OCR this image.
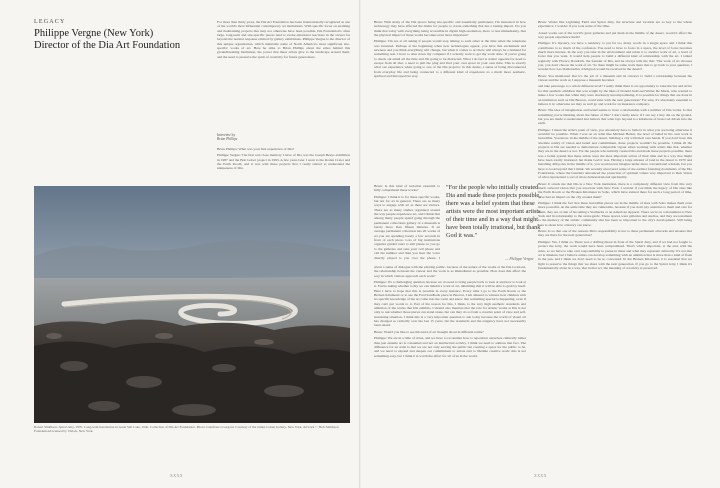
LEGACY
Philippe Vergne (New York)
Director of the Dia Art Foundation

For more than thirty years, the Dia Art Foundation has been internationally recognized as one of the world's most influential contemporary art institutions. With specific focus on enabling and maintaining projects that may not otherwise have been possible, Dia Foundation's often large, long-term and site-specific pieces tend to evoke emotional reactions in the viewer far beyond the normal response elicited by gallery exhibitions. Philippe Vergne is the director of this unique organization, which maintains some of North America's most significant site-specific works of art. Here he talks to Brian Phillips about the ethos behind this groundbreaking institution, the power that these artists give to the landscape around them, and the need to preserve the spirit of creativity for future generations.

Interview by
Brian Phillips

Brian Phillips: What was your first experience of Dia?

Philippe Vergne: The first real close memory I have of Dia was the Joseph Beuys exhibition in 1987 and the Bob Gober project in 1993. A few years later I went to the Roden Crater and the Earth Room, and it was with these projects that I really started to understand the uniqueness of Dia.

Robert Smithson, Spiral Jetty, 1970. Long-term installation in Great Salt Lake, Utah. Collection of Dia Art Foundation. Photo: Gianfranco Gorgoni. Courtesy of the James Cohan Gallery, New York. Artwork © Holt-Smithson Foundation/Licensed by VAGA, New York.
XXXX

Brian: With many of the Dia pieces being site-specific and essentially permanent, I'm interested in how technology may have affected the desire for people to create something that has a lasting impact. Do you think that today with everything being accessible in digital high-resolution, more or less immediately, that the physical impact of these works becomes even more important?

Philippe: I'm not at all asking if people would stop talking to each other at the time when the telephone was invented. Perhaps at the beginning when new technologies appear, you have this excitement and newness and you think everything will change, but when it comes to art there will always be a demand for something real. I have to shut down my computer if I actually want to get my work done. If you're going to check out email all the time and I'm going to be distracted. What I do feel is artists' appetite for need to escape from all that, a need to pull the plug and find your own space in your own time. This is exactly what our experience when going to one of the Dia projects: in this desire, a sense of being disconnected from everyday life and being connected to a different kind of experience as a much more aesthetic, spiritual and introspective way.

Brian: Is this kind of isolation essential to fully comprehend these works?

Philippe: I think it is for these specific works, but not for art in general. There are as many ways to engage with art as there are visitors. There are as many studies organized around the way people experience art, and I think that among many people spend going through the permanent collections gallery of a museum is barely more than fifteen minutes. If an average permanent collection has 20 works of art you are spending barely a few seconds in front of each piece. Lots of big institutions organize guided tours to still please so you go to the galleries and take your cell phone and call the number and then you hear the voice directly played to you over the phone. I

"For the people who initially created Dia and made these projects possible, there was a belief system that these artists were the most important artists of their time and in a way that might have been totally irrational, but thank God it was."
— Philippe Vergne

about a sense of dialogue with the existing public, because of the nature of the works at the Dia locations, the relationship between the viewer and the work is as immediated as possible. How does this affect the way in which visitors approach each work?

Philippe: It's a challenging question because we do need to bring people back to look at and how to look at it. You're asking whether today we can inhabit a work of art, inhabiting that it will be able to grab by itself. Here I have to hope that this is possible in every instance. Every time I go to the Earth Room or the Broken Kilometer or to see the Fred Sandback piece in Beacon, I am amazed to witness how children with no specific knowledge of the art came into the room and know that something special is happening, even if they can't put words to it. Part of the reason for this, I think, is the very high aesthetic standards and ambition of the works that Dia exhibits. I should also mention that the role for artistic works at Dia is not only to ask whether those pieces can stand alone, but can they do so from a creative point of view and self-sustaining situation. I think this is a very important question to ask today because the world of visual art has changed so radically over the last 15 years, but the standards and the exigency have not necessarily been raised.

Brian: Would you like to see this kind of art thought about in different terms?

Philippe: We are in a time of crisis, and we have to reconsider how to reposition ourselves culturally rather than just assume art is consumed and not an intellectual activity. I think we need to address that fact. The difference for an artist is that we are not only serving the public but creating a space for the public to be, and we need to expand and deepen our commitment to artists and to lifetime creative work: this is not something easy, but I think it is worth the effort for all of us in the world.

Brian: Works like Lightning Field and Spiral Jetty, the structure and location are so key to the whole experience. I wonder if you took some of the time-

-based works out of the world's great galleries and put them in the middle of the desert, would it affect the way people experience them?

Philippe: It's mystery, we have a tendency to put far too many words in a single space and I think this contributes to so much of the confusion. You need to have to focus in a space, the level of focus becomes much more intense. In the way you take in the environment and relate it to another work of art, a level of focus that you want. It would help people to build a different kind of relationship with the art. I talked regularly with Horace Dondrick, the founder of Dia, and he always tells me that: 'The work of art chooses you, you don't choose the work of art.' So there might be some work there that to go back to your question, I wonder how Las Damoiselles d'Avignon would be received in the desert?

Brian: You mentioned that it's the job of a museum and its curators to build a relationship between the viewer and the work so I suppose a museum becomes

and take patronage to a whole different level? I really think there is an opportunity to raise the bar and strive for this aesthetic ambition that was sought by the likes of Donald Judd and Walter De Maria, who wanted to make a few works that while they were absolutely uncompromising. It is possible for things that are done in an institution such as Dia Beacon, could exist with the next generation? For sure, it's absolutely essential to believe it is; otherwise we may as well go and work for an insurance company.

Brian: The idea of imagination and belief seems to have a relationship with a number of Dia works. Is that something you're thinking about the future of Dia? I don't really know if I can say a tiny dia on the ground, but you are made to understand and believe that what lays beyond is a kilometre of brass rod driven into the earth.

Philippe: I mean the artist's point of view, you absolutely have to believe in what you are being otherwise it wouldn't be possible. When I was on an artist like Michael Heizer, the level of belief in his own work is incredible. You know, in the middle of the desert, building a city with their own hands. If you don't have this absolute reality of vision and belief and commitment, these projects wouldn't be possible. I think all the projects at Dia are needed to demonstrate comparable vigour when working with artists like that, whether they are in the desert or not. For the people who initially created Dia and made these projects possible, there was a belief system that these artists were the most important artists of their time and in a way that might have been totally irrational, but thank God it was. Having a large amount of land in the desert is 1970 and installing 400 poles in the middle of it, you would never imagine under more conventional wisdom, but you have to look beyond that I think. We recently uncovered some of the earliest founding documents of the Dia Foundation, where the founders announced the protection of spiritual values very important to their vision of what represented a sort of more demonstrational spirituality.

Brian: It struck me that Dia is a New York institution, there is a completely different view from this very much outward vision that you associate with New York. I wonder if you think the legacy of Dia sites like the Earth Room or the Broken Kilometer in Soho, which have existed there for such a long period of time, have had an impact on the city around them?

Philippe: I think the fact that these incredible pieces are in the middle of sites with Soho makes them even more powerful. At the same time they are vulnerable, because if you don't pay attention to them and care for them, they are at risk of becoming a Starbucks or an American Apparel. There we're on a monument to New York and its relationship to the avant-garde. These spaces were galleries and studios, and they are testament to the memory of the artistic community that has been so important to the city's development. Still being here is about how a history can know.

Brian: Is so that one of the reasons Dia's responsibility is not to these permanent artworks and ensures that they are there for the next generation?

Philippe: Yes, I think so. There was a drifting threat in front of the Spiral Jetty, and if we had not fought to protect the Jetty, the work would have been compromised. That's what's important, at the end, with the rules, so we have to take over responsibility to preserve these and what they represent culturally. It's not that art is timeless, but I believe artists can develop something with an ambition that is more than a kind of flash in the pan, and I think we don't need to be so concerned. In the Broken Kilometer, it is essential that we fight to preserve the things that we share with the next generation. If you go to the Spiral Jetty, I think it's fundamentally about in a way, that in that act, the meaning of creativity is preserved.

XXXX
